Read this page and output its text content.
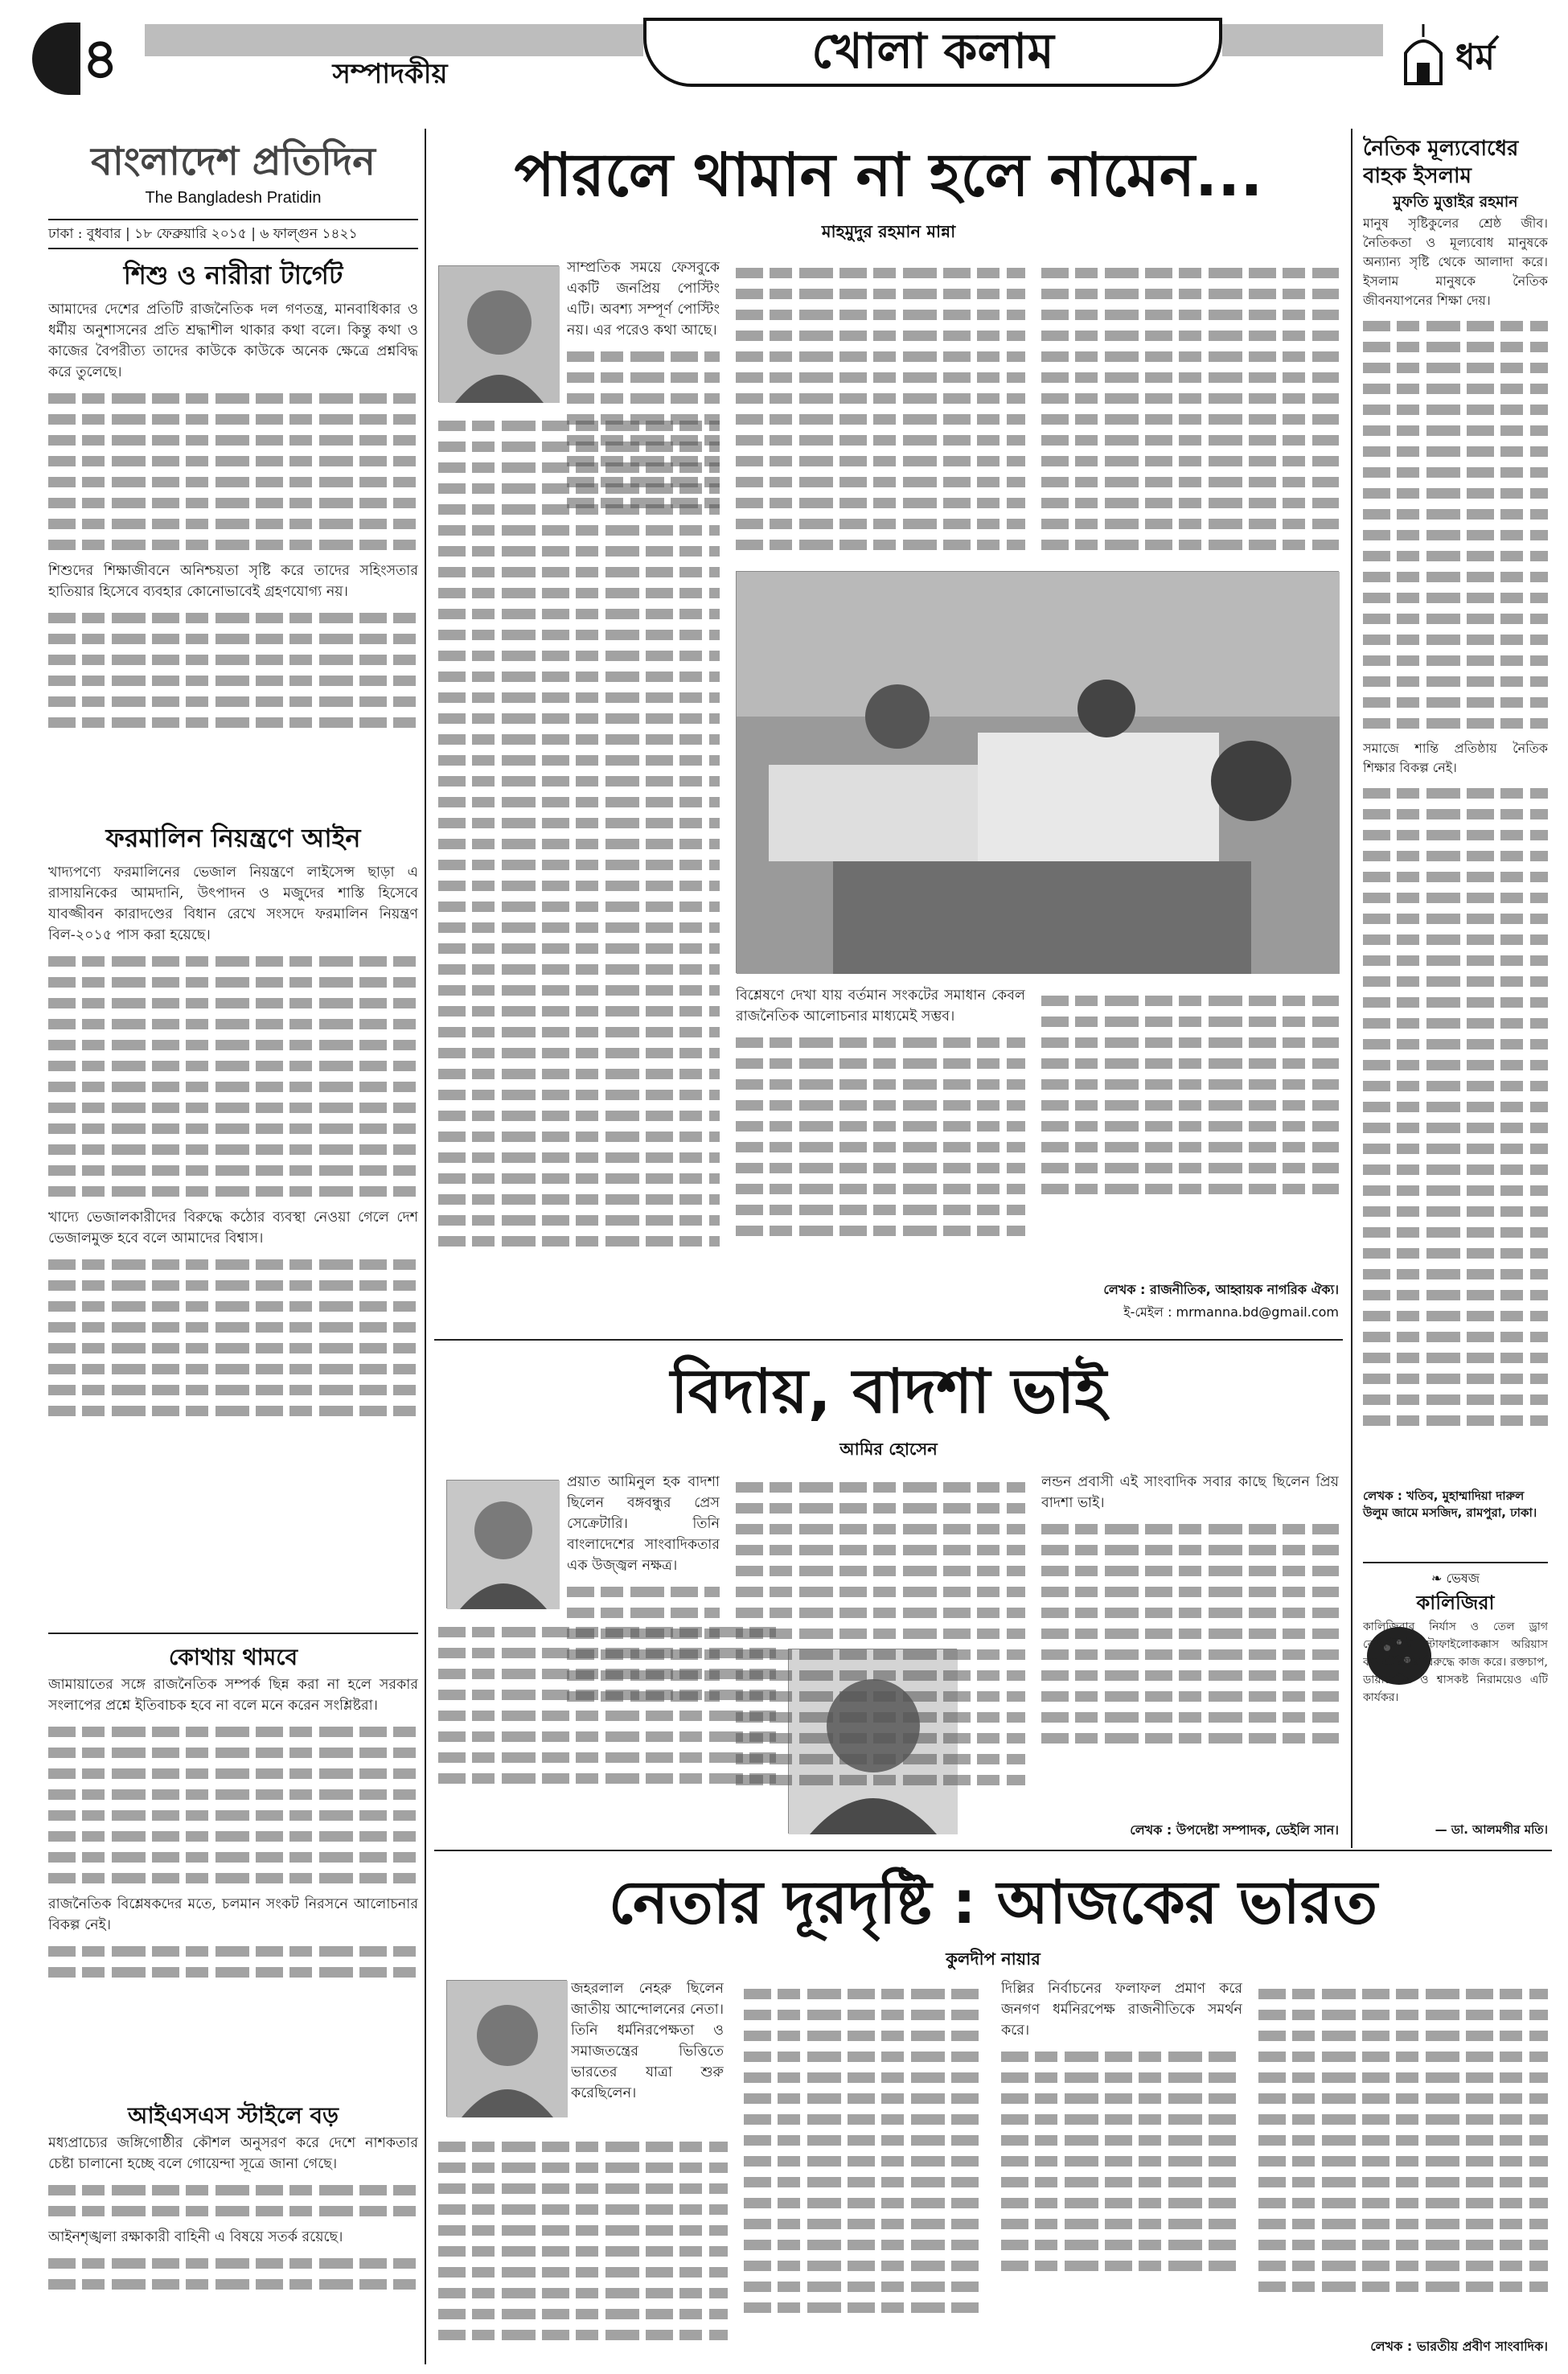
৪	সম্পাদকীয়	খোলা কলাম	ধর্ম
বাংলাদেশ প্রতিদিন
The Bangladesh Pratidin
ঢাকা : বুধবার | ১৮ ফেব্রুয়ারি ২০১৫ | ৬ ফাল্গুন ১৪২১
শিশু ও নারীরা টার্গেট
আমাদের দেশের প্রতিটি রাজনৈতিক দল গণতন্ত্র, মানবাধিকার ও ধর্মীয় অনুশাসনের প্রতি শ্রদ্ধাশীল থাকার কথা বলে। কিন্তু কথা ও কাজের বৈপরীত্য তাদের কাউকে কাউকে অনেক ক্ষেত্রে প্রশ্নবিদ্ধ করে তুলেছে।
শিশুদের শিক্ষাজীবনে অনিশ্চয়তা সৃষ্টি করে তাদের সহিংসতার হাতিয়ার হিসেবে ব্যবহার কোনোভাবেই গ্রহণযোগ্য নয়।
ফরমালিন নিয়ন্ত্রণে আইন
খাদ্যপণ্যে ফরমালিনের ভেজাল নিয়ন্ত্রণে লাইসেন্স ছাড়া এ রাসায়নিকের আমদানি, উৎপাদন ও মজুদের শাস্তি হিসেবে যাবজ্জীবন কারাদণ্ডের বিধান রেখে সংসদে ফরমালিন নিয়ন্ত্রণ বিল-২০১৫ পাস করা হয়েছে।
খাদ্যে ভেজালকারীদের বিরুদ্ধে কঠোর ব্যবস্থা নেওয়া গেলে দেশ ভেজালমুক্ত হবে বলে আমাদের বিশ্বাস।
কোথায় থামবে
জামায়াতের সঙ্গে রাজনৈতিক সম্পর্ক ছিন্ন করা না হলে সরকার সংলাপের প্রশ্নে ইতিবাচক হবে না বলে মনে করেন সংশ্লিষ্টরা।
রাজনৈতিক বিশ্লেষকদের মতে, চলমান সংকট নিরসনে আলোচনার বিকল্প নেই।
আইএসএস স্টাইলে বড়
মধ্যপ্রাচ্যের জঙ্গিগোষ্ঠীর কৌশল অনুসরণ করে দেশে নাশকতার চেষ্টা চালানো হচ্ছে বলে গোয়েন্দা সূত্রে জানা গেছে।
আইনশৃঙ্খলা রক্ষাকারী বাহিনী এ বিষয়ে সতর্ক রয়েছে।
পারলে থামান না হলে নামেন...
মাহমুদুর রহমান মান্না
সাম্প্রতিক সময়ে ফেসবুকে একটি জনপ্রিয় পোস্টিং এটি। অবশ্য সম্পূর্ণ পোস্টিং নয়। এর পরেও কথা আছে।
বিশ্লেষণে দেখা যায় বর্তমান সংকটের সমাধান কেবল রাজনৈতিক আলোচনার মাধ্যমেই সম্ভব।
লেখক : রাজনীতিক, আহ্বায়ক নাগরিক ঐক্য।
ই-মেইল : mrmanna.bd@gmail.com
বিদায়, বাদশা ভাই
আমির হোসেন
প্রয়াত আমিনুল হক বাদশা ছিলেন বঙ্গবন্ধুর প্রেস সেক্রেটারি। তিনি বাংলাদেশের সাংবাদিকতার এক উজ্জ্বল নক্ষত্র।
লন্ডন প্রবাসী এই সাংবাদিক সবার কাছে ছিলেন প্রিয় বাদশা ভাই।
লেখক : উপদেষ্টা সম্পাদক, ডেইলি সান।
নেতার দূরদৃষ্টি : আজকের ভারত
কুলদীপ নায়ার
জহরলাল নেহরু ছিলেন জাতীয় আন্দোলনের নেতা। তিনি ধর্মনিরপেক্ষতা ও সমাজতন্ত্রের ভিত্তিতে ভারতের যাত্রা শুরু করেছিলেন।
দিল্লির নির্বাচনের ফলাফল প্রমাণ করে জনগণ ধর্মনিরপেক্ষ রাজনীতিকে সমর্থন করে।
লেখক : ভারতীয় প্রবীণ সাংবাদিক।
নৈতিক মূল্যবোধের বাহক ইসলাম
মুফতি মুত্তাইর রহমান
মানুষ সৃষ্টিকুলের শ্রেষ্ঠ জীব। নৈতিকতা ও মূল্যবোধ মানুষকে অন্যান্য সৃষ্টি থেকে আলাদা করে। ইসলাম মানুষকে নৈতিক জীবনযাপনের শিক্ষা দেয়।
সমাজে শান্তি প্রতিষ্ঠায় নৈতিক শিক্ষার বিকল্প নেই।
লেখক : খতিব, মুহাম্মাদিয়া দারুল উলুম জামে মসজিদ, রামপুরা, ঢাকা।
❧ ভেষজ
কালিজিরা
কালিজিরার নির্যাস ও তেল ড্রাগ রেজিস্ট্যান্ট স্টাফাইলোকক্কাস অরিয়াস ব্যাকটেরিয়ার বিরুদ্ধে কাজ করে। রক্তচাপ, ডায়াবেটিস ও শ্বাসকষ্ট নিরাময়েও এটি কার্যকর।
— ডা. আলমগীর মতি।
